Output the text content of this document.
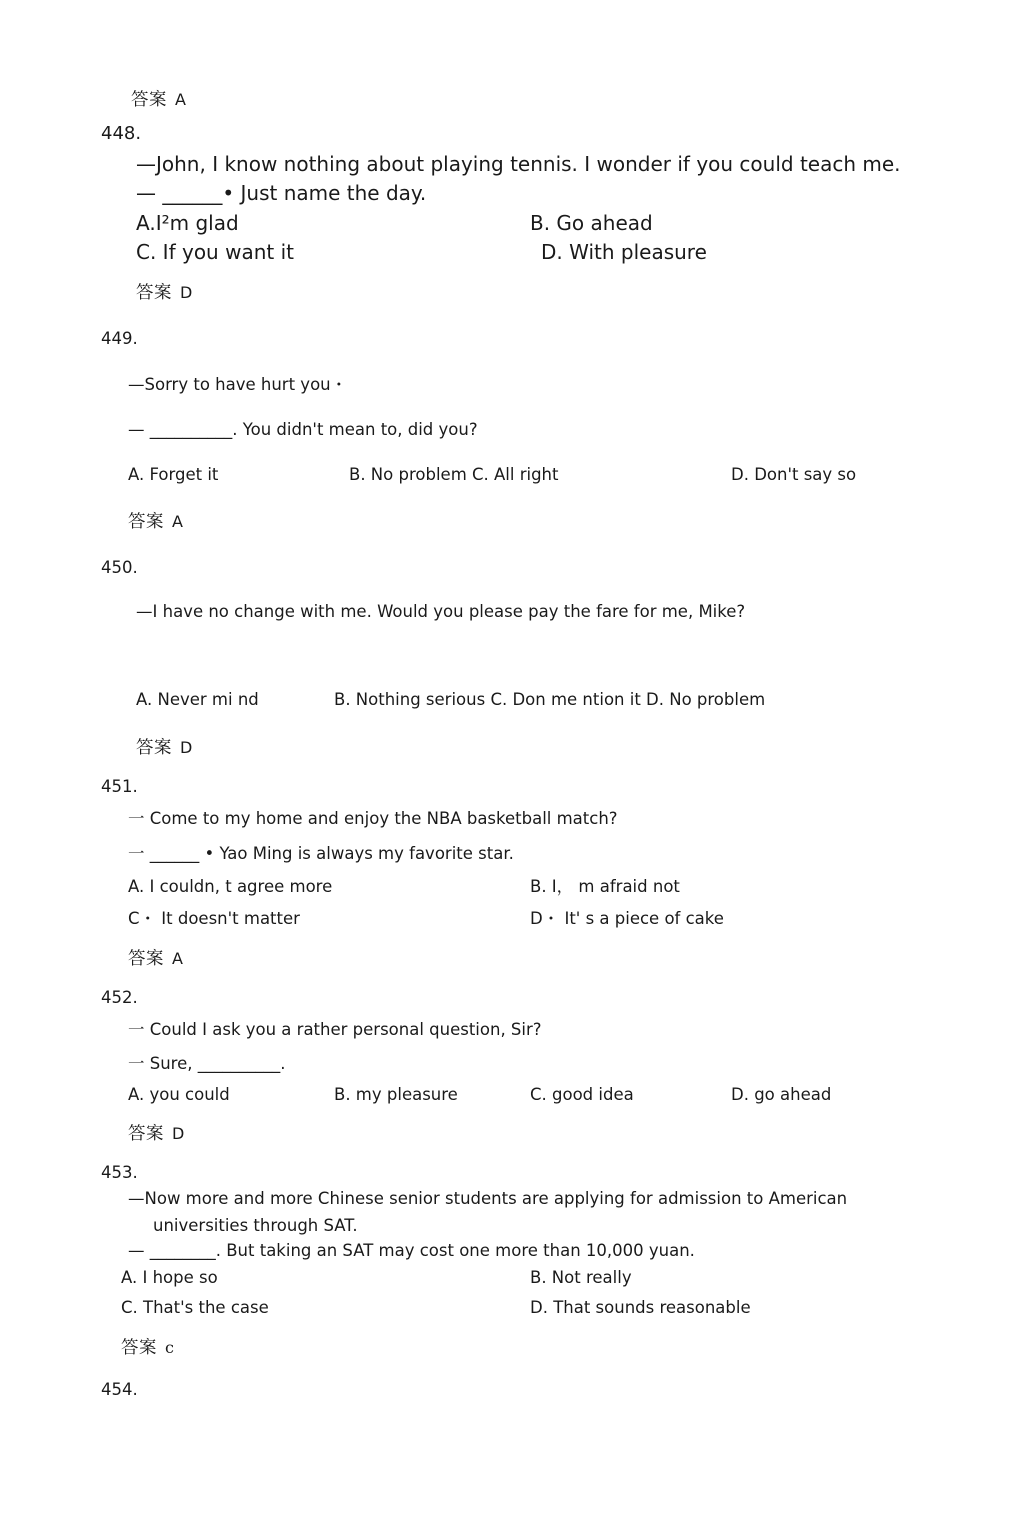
答案 A
448.
—John, I know nothing about playing tennis. I wonder if you could teach me.
— ______• Just name the day.
A.I²m glad	B. Go ahead
C. If you want it	D. With pleasure
答案 D
449.
—Sorry to have hurt you・
— __________. You didn't mean to, did you?
A. Forget it	B. No problem C. All right	D. Don't say so
答案 A
450.
—I have no change with me. Would you please pay the fare for me, Mike?
A. Never mi nd	B. Nothing serious C. Don me ntion it D. No problem
答案 D
451.
一 Come to my home and enjoy the NBA basketball match?
一 ______ • Yao Ming is always my favorite star.
A. I couldn, t agree more	B. I， m afraid not
C・ It doesn't matter	D・ It' s a piece of cake
答案 A
452.
一 Could I ask you a rather personal question, Sir?
一 Sure, __________.
A. you could	B. my pleasure	C. good idea	D. go ahead
答案 D
453.
—Now more and more Chinese senior students are applying for admission to American
universities through SAT.
— ________. But taking an SAT may cost one more than 10,000 yuan.
A. I hope so	B. Not really
C. That's the case	D. That sounds reasonable
答案 c
454.
